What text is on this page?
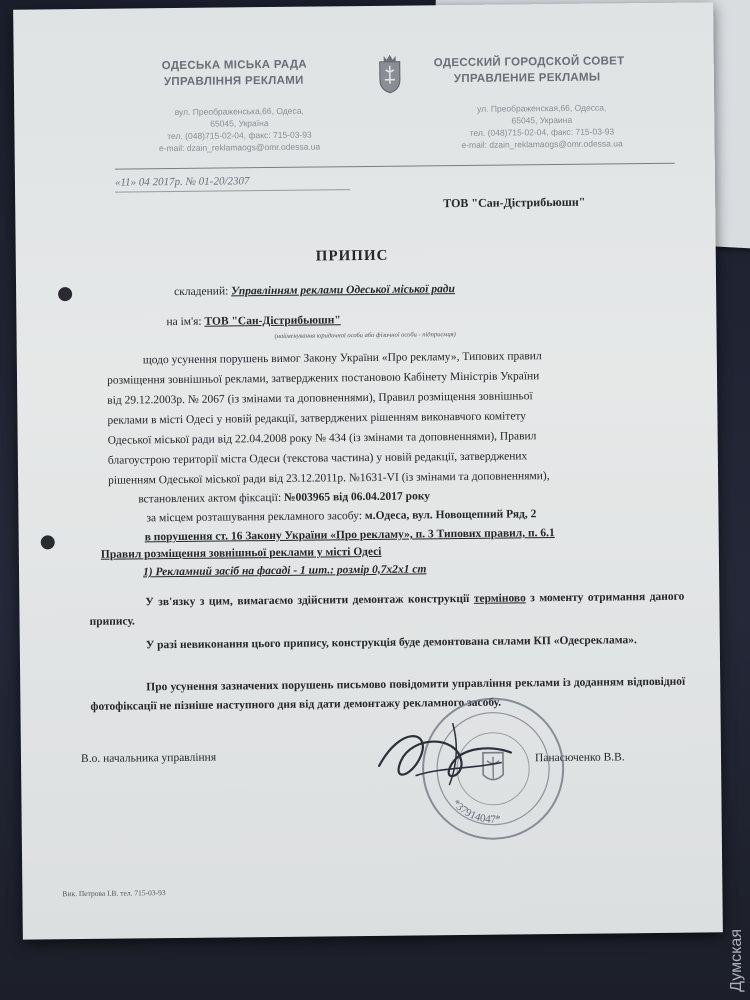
ОДЕСЬКА МІСЬКА РАДА
УПРАВЛІННЯ РЕКЛАМИ
ОДЕССКИЙ ГОРОДСКОЙ СОВЕТ
УПРАВЛЕНИЕ РЕКЛАМЫ
вул. Преображенська,66, Одеса,
65045, Україна
тел. (048)715-02-04, факс: 715-03-93
e-mail: dzain_reklamaogs@omr.odessa.ua
ул. Преображенская,66, Одесса,
65045, Украина
тел. (048)715-02-04, факс: 715-03-93
e-mail: dzain_reklamaogs@omr.odessa.ua
«11» 04 2017р. № 01-20/2307
ТОВ "Сан-Дістрибьюшн"
ПРИПИС
складений: Управлінням реклами Одеської міської ради
на ім'я: ТОВ "Сан-Дістрибьюшн"
(найменування юридичної особи або фізичної особи - підприємця)
щодо усунення порушень вимог Закону України «Про рекламу», Типових правил
розміщення зовнішньої реклами, затверджених постановою Кабінету Міністрів України
від 29.12.2003р. № 2067 (із змінами та доповненнями), Правил розміщення зовнішньої
реклами в місті Одесі у новій редакції, затверджених рішенням виконавчого комітету
Одеської міської ради від 22.04.2008 року № 434 (із змінами та доповненнями), Правил
благоустрою території міста Одеси (текстова частина) у новій редакції, затверджених
рішенням Одеської міської ради від 23.12.2011р. №1631-VI (із змінами та доповненнями),
встановлених актом фіксації: №003965 від 06.04.2017 року
за місцем розташування рекламного засобу: м.Одеса, вул. Новощепний Ряд, 2
в порушення ст. 16 Закону України «Про рекламу», п. 3 Типових правил, п. 6.1
Правил розміщення зовнішньої реклами у місті Одесі
1) Рекламний засіб на фасаді - 1 шт.: розмір 0,7х2х1 ст
У зв'язку з цим, вимагаємо здійснити демонтаж конструкції терміново з моменту отримання даного припису.
У разі невиконання цього припису, конструкція буде демонтована силами КП «Одесреклама».
Про усунення зазначених порушень письмово повідомити управління реклами із доданням відповідної фотофіксації не пізніше наступного дня від дати демонтажу рекламного засобу.
В.о. начальника управління	Панасюченко В.В.
*37914047*
Вик. Петрова І.В. тел. 715-03-93
Думская
